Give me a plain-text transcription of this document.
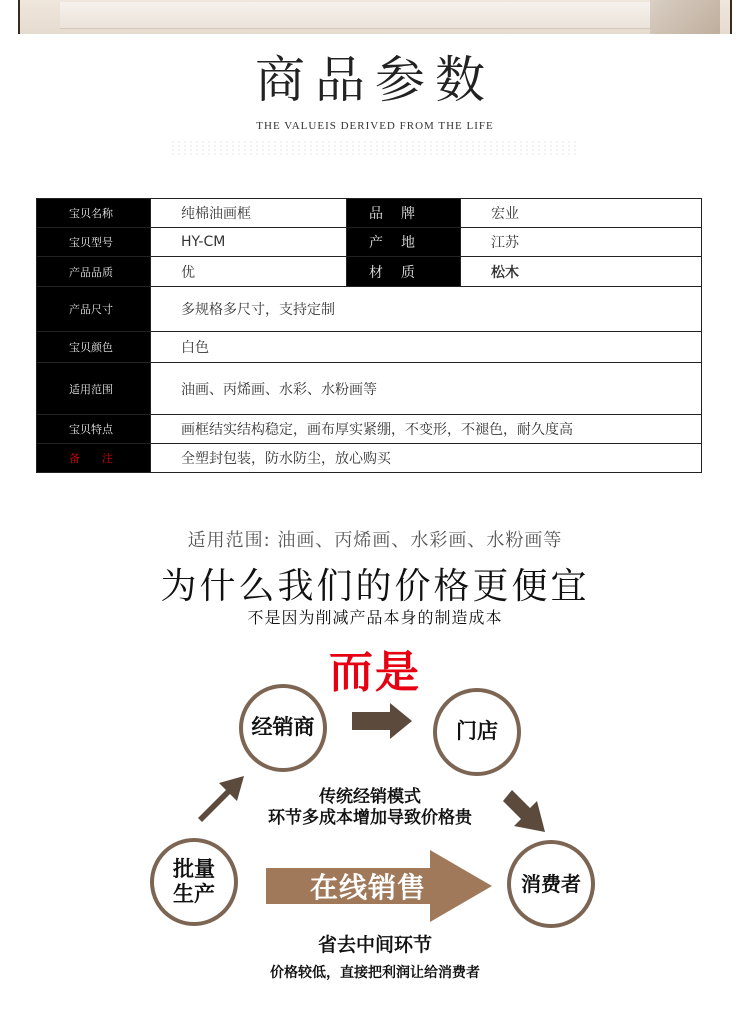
商品参数
THE VALUEIS DERIVED FROM THE LIFE
宝贝名称	纯棉油画框	品牌	宏业
宝贝型号	HY-CM	产地	江苏
产品品质	优	材质	松木
产品尺寸	多规格多尺寸，支持定制		
宝贝颜色	白色		
适用范围	油画、丙烯画、水彩、水粉画等		
宝贝特点	画框结实结构稳定，画布厚实紧绷，不变形，不褪色，耐久度高		
备注	全塑封包装，防水防尘，放心购买		
适用范围: 油画、丙烯画、水彩画、水粉画等
为什么我们的价格更便宜
不是因为削减产品本身的制造成本
而是
在线销售
经销商	门店
批量
生产	消费者
传统经销模式
环节多成本增加导致价格贵
省去中间环节
价格较低，直接把利润让给消费者
